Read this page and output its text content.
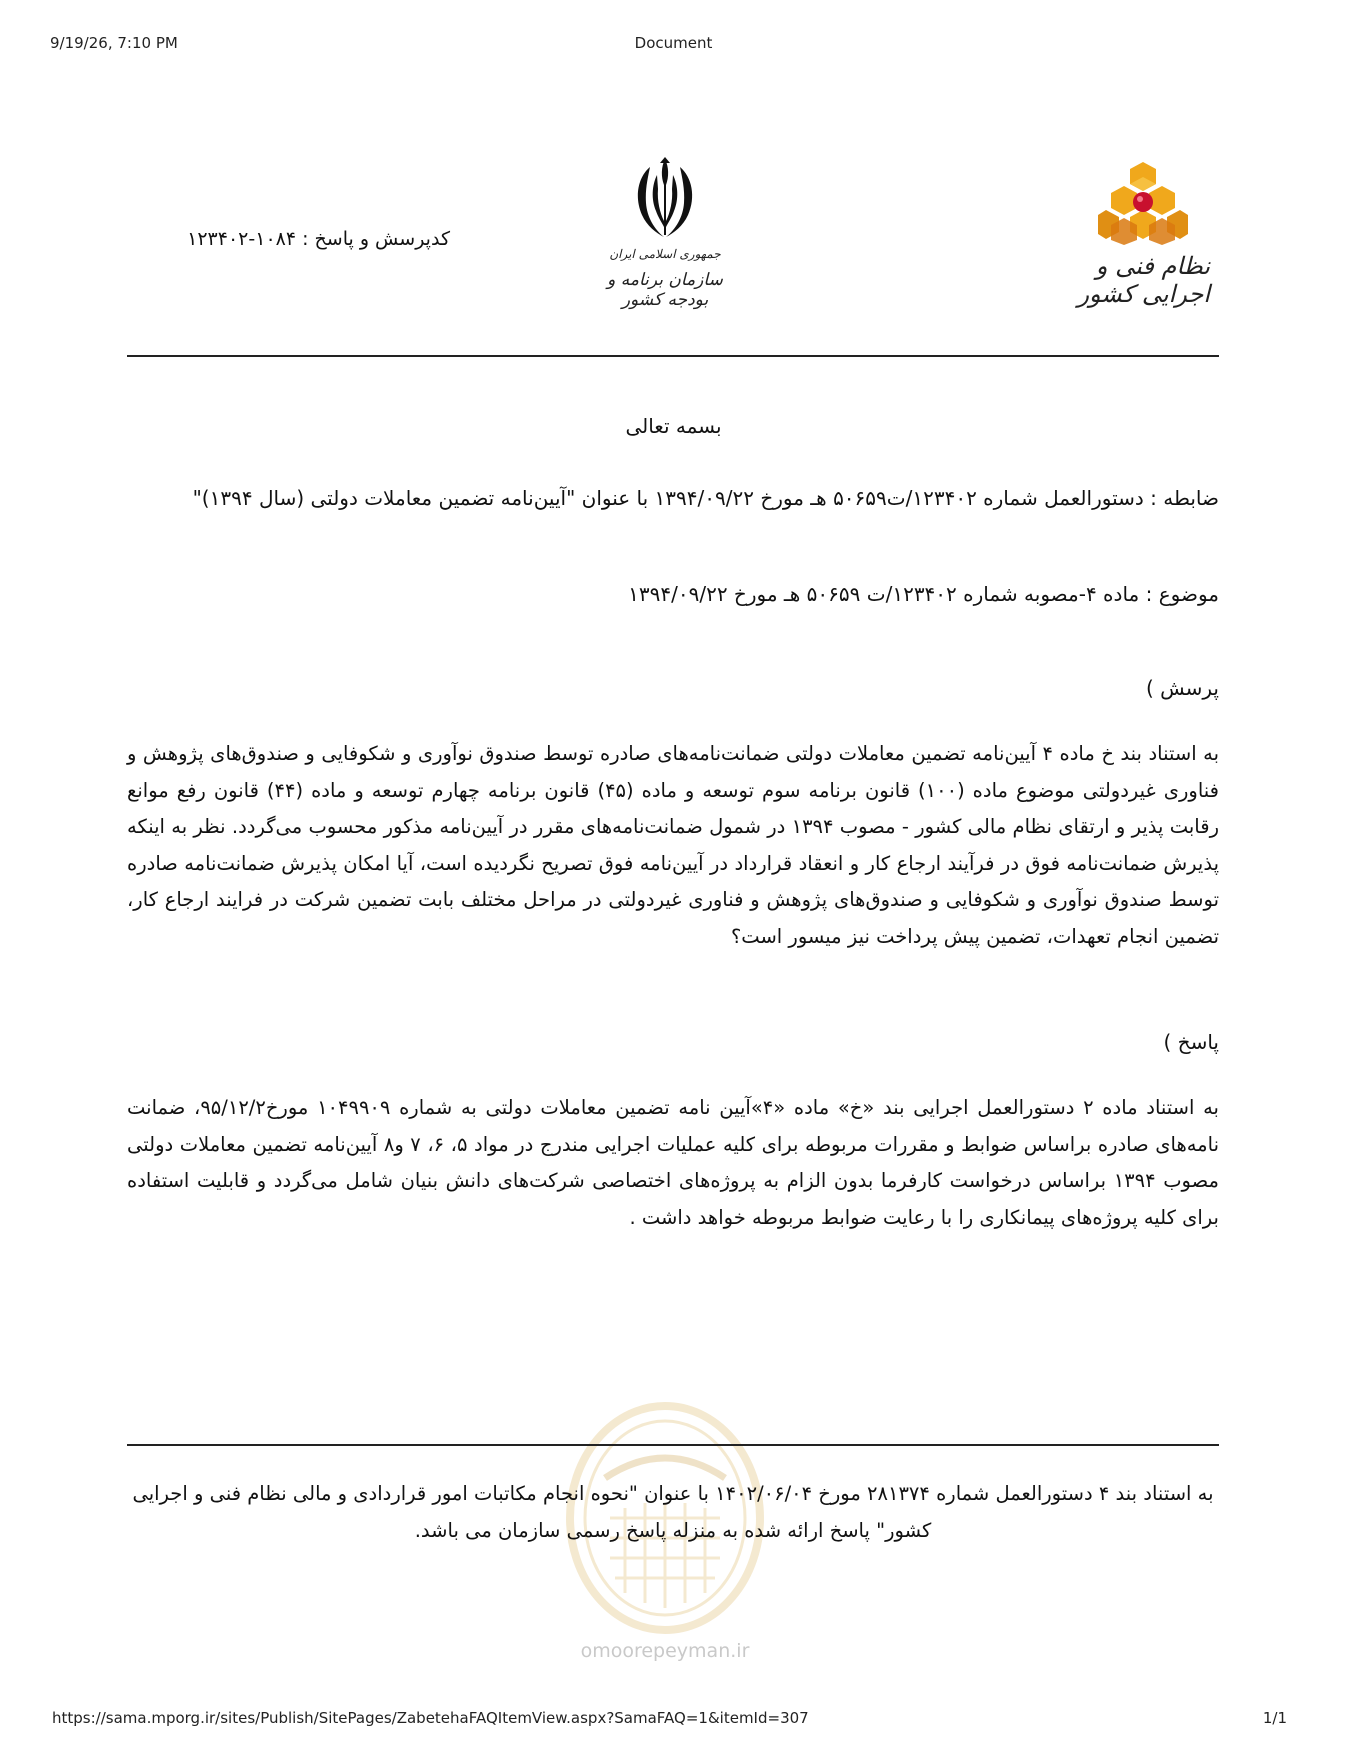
9/19/26, 7:10 PM	Document
نظام فنی و اجرایی کشور
جمهوری اسلامی ایران
سازمان برنامه و بودجه کشور
کدپرسش و پاسخ : ۱۰۸۴-۱۲۳۴۰۲
بسمه تعالی
ضابطه : دستورالعمل شماره ۱۲۳۴۰۲/ت۵۰۶۵۹ هـ مورخ ۱۳۹۴/۰۹/۲۲ با عنوان "آیین‌نامه تضمین معاملات دولتی (سال ۱۳۹۴)"
موضوع : ماده ۴-مصوبه شماره ۱۲۳۴۰۲/ت ۵۰۶۵۹ هـ مورخ ۱۳۹۴/۰۹/۲۲
پرسش )
به استناد بند خ ماده ۴ آیین‌نامه تضمین معاملات دولتی ضمانت‌نامه‌های صادره توسط صندوق نوآوری و شکوفایی و صندوق‌های پژوهش و فناوری غیردولتی موضوع ماده (۱۰۰) قانون برنامه سوم توسعه و ماده (۴۵) قانون برنامه چهارم توسعه و ماده (۴۴) قانون رفع موانع رقابت پذیر و ارتقای نظام مالی کشور - مصوب ۱۳۹۴ در شمول ضمانت‌نامه‌های مقرر در آیین‌نامه مذکور محسوب می‌گردد. نظر به اینکه پذیرش ضمانت‌نامه فوق در فرآیند ارجاع کار و انعقاد قرارداد در آیین‌نامه فوق تصریح نگردیده است، آیا امکان پذیرش ضمانت‌نامه صادره توسط صندوق نوآوری و شکوفایی و صندوق‌های پژوهش و فناوری غیردولتی در مراحل مختلف بابت تضمین شرکت در فرایند ارجاع کار، تضمین انجام تعهدات، تضمین پیش پرداخت نیز میسور است؟
پاسخ )
به استناد ماده ۲ دستورالعمل اجرایی بند «خ» ماده «۴»آیین نامه تضمین معاملات دولتی به شماره ۱۰۴۹۹۰۹ مورخ۹۵/۱۲/۲، ضمانت نامه‌های صادره براساس ضوابط و مقررات مربوطه برای کلیه عملیات اجرایی مندرج در مواد ۵، ۶، ۷ و۸ آیین‌نامه تضمین معاملات دولتی مصوب ۱۳۹۴ براساس درخواست کارفرما بدون الزام به پروژه‌های اختصاصی شرکت‌های دانش بنیان شامل می‌گردد و قابلیت استفاده برای کلیه پروژه‌های پیمانکاری را با رعایت ضوابط مربوطه خواهد داشت .
به استناد بند ۴ دستورالعمل شماره ۲۸۱۳۷۴ مورخ ۱۴۰۲/۰۶/۰۴ با عنوان "نحوه انجام مکاتبات امور قراردادی و مالی نظام فنی و اجرایی کشور" پاسخ ارائه شده به منزله پاسخ رسمی سازمان می باشد.
omoorepeyman.ir
https://sama.mporg.ir/sites/Publish/SitePages/ZabetehaFAQItemView.aspx?SamaFAQ=1&itemId=307	1/1
